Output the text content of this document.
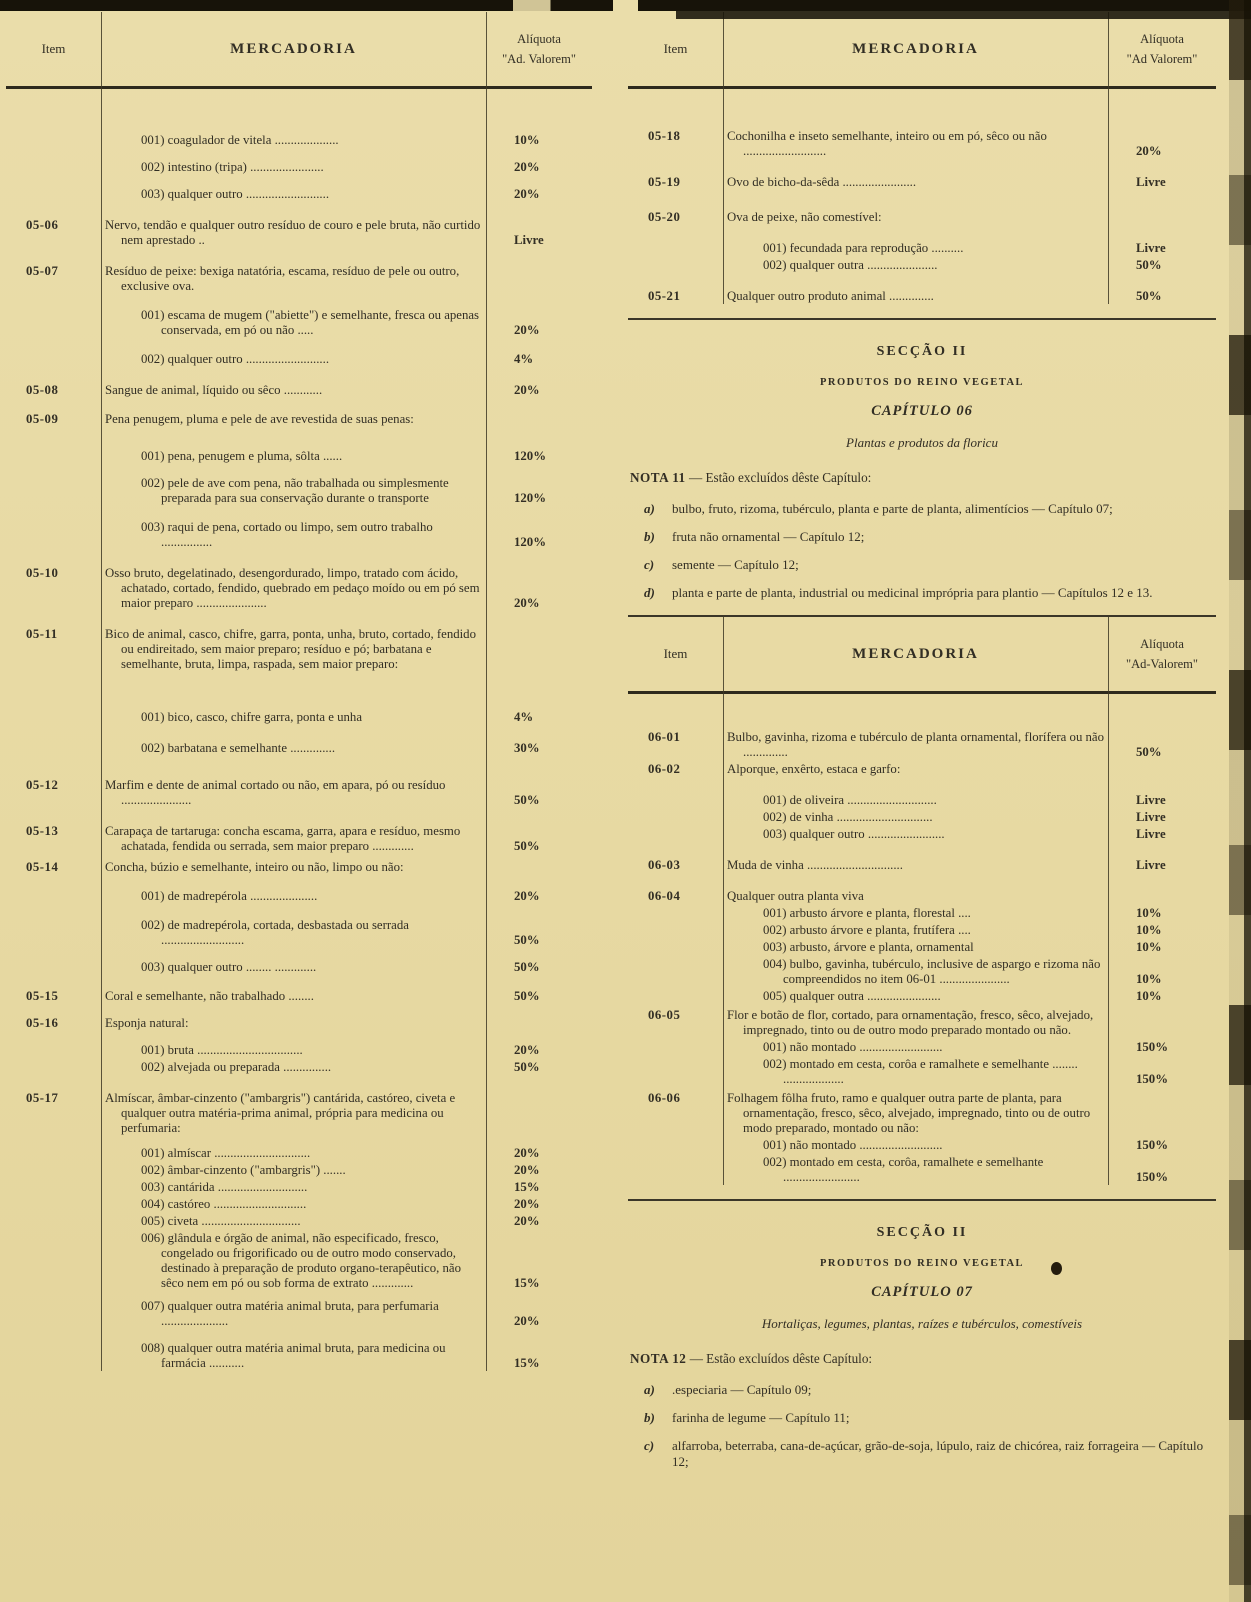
Item	MERCADORIA
Alíquota
"Ad. Valorem"
001) coagulador de vitela ....................	10%
002) intestino (tripa) .......................	20%
003) qualquer outro ..........................	20%
05-06	Nervo, tendão e qualquer outro resíduo de couro e pele bruta, não curtido nem aprestado ..	Livre
05-07	Resíduo de peixe: bexiga natatória, escama, resíduo de pele ou outro, exclusive ova.
001) escama de mugem ("abiette") e semelhante, fresca ou apenas conservada, em pó ou não .....	20%
002) qualquer outro ..........................	4%
05-08	Sangue de animal, líquido ou sêco ............	20%
05-09	Pena penugem, pluma e pele de ave revestida de suas penas:
001) pena, penugem e pluma, sôlta ......	120%
002) pele de ave com pena, não trabalhada ou simplesmente preparada para sua conservação durante o transporte	120%
003) raqui de pena, cortado ou limpo, sem outro trabalho ................	120%
05-10	Osso bruto, degelatinado, desengordurado, limpo, tratado com ácido, achatado, cortado, fendido, quebrado em pedaço moído ou em pó sem maior preparo ......................	20%
05-11	Bico de animal, casco, chifre, garra, ponta, unha, bruto, cortado, fendido ou endireitado, sem maior preparo; resíduo e pó; barbatana e semelhante, bruta, limpa, raspada, sem maior preparo:
001) bico, casco, chifre garra, ponta e unha	4%
002) barbatana e semelhante ..............	30%
05-12	Marfim e dente de animal cortado ou não, em apara, pó ou resíduo ......................	50%
05-13	Carapaça de tartaruga: concha escama, garra, apara e resíduo, mesmo achatada, fendida ou serrada, sem maior preparo .............	50%
05-14	Concha, búzio e semelhante, inteiro ou não, limpo ou não:
001) de madrepérola .....................	20%
002) de madrepérola, cortada, desbastada ou serrada ..........................	50%
003) qualquer outro ........ .............	50%
05-15	Coral e semelhante, não trabalhado ........	50%
05-16	Esponja natural:
001) bruta .................................	20%
002) alvejada ou preparada ...............	50%
05-17	Almíscar, âmbar-cinzento ("ambargris") cantárida, castóreo, civeta e qualquer outra matéria-prima animal, própria para medicina ou perfumaria:
001) almíscar ..............................	20%
002) âmbar-cinzento ("ambargris") .......	20%
003) cantárida ............................	15%
004) castóreo .............................	20%
005) civeta ...............................	20%
006) glândula e órgão de animal, não especificado, fresco, congelado ou frigorificado ou de outro modo conservado, destinado à preparação de produto organo-terapêutico, não sêco nem em pó ou sob forma de extrato .............	15%
007) qualquer outra matéria animal bruta, para perfumaria .....................	20%
008) qualquer outra matéria animal bruta, para medicina ou farmácia ...........	15%
Item	MERCADORIA
Alíquota
"Ad Valorem"
05-18	Cochonilha e inseto semelhante, inteiro ou em pó, sêco ou não ..........................	20%
05-19	Ovo de bicho-da-sêda .......................	Livre
05-20	Ova de peixe, não comestível:
001) fecundada para reprodução ..........	Livre
002) qualquer outra ......................	50%
05-21	Qualquer outro produto animal ..............	50%
SECÇÃO II
PRODUTOS DO REINO VEGETAL
CAPÍTULO 06
Plantas e produtos da floricu
NOTA 11 — Estão excluídos dêste Capítulo:
a)	bulbo, fruto, rizoma, tubérculo, planta e parte de planta, alimentícios — Capítulo 07;
b)	fruta não ornamental — Capítulo 12;
c)	semente — Capítulo 12;
d)	planta e parte de planta, industrial ou medicinal imprópria para plantio — Capítulos 12 e 13.
Item	MERCADORIA
Alíquota
"Ad-Valorem"
06-01	Bulbo, gavinha, rizoma e tubérculo de planta ornamental, florífera ou não ..............	50%
06-02	Alporque, enxêrto, estaca e garfo:
001) de oliveira ............................	Livre
002) de vinha ..............................	Livre
003) qualquer outro ........................	Livre
06-03	Muda de vinha ..............................	Livre
06-04	Qualquer outra planta viva
001) arbusto árvore e planta, florestal ....	10%
002) arbusto árvore e planta, frutífera ....	10%
003) arbusto, árvore e planta, ornamental	10%
004) bulbo, gavinha, tubérculo, inclusive de aspargo e rizoma não compreendidos no item 06-01 ......................	10%
005) qualquer outra .......................	10%
06-05	Flor e botão de flor, cortado, para ornamentação, fresco, sêco, alvejado, impregnado, tinto ou de outro modo preparado montado ou não.
001) não montado ..........................	150%
002) montado em cesta, corôa e ramalhete e semelhante ........ ...................	150%
06-06	Folhagem fôlha fruto, ramo e qualquer outra parte de planta, para ornamentação, fresco, sêco, alvejado, impregnado, tinto ou de outro modo preparado, montado ou não:
001) não montado ..........................	150%
002) montado em cesta, corôa, ramalhete e semelhante ........................	150%
SECÇÃO II
PRODUTOS DO REINO VEGETAL
CAPÍTULO 07
Hortaliças, legumes, plantas, raízes e tubérculos, comestíveis
NOTA 12 — Estão excluídos dêste Capítulo:
a)	.especiaria — Capítulo 09;
b)	farinha de legume — Capítulo 11;
c)	alfarroba, beterraba, cana-de-açúcar, grão-de-soja, lúpulo, raiz de chicórea, raiz forrageira — Capítulo 12;
